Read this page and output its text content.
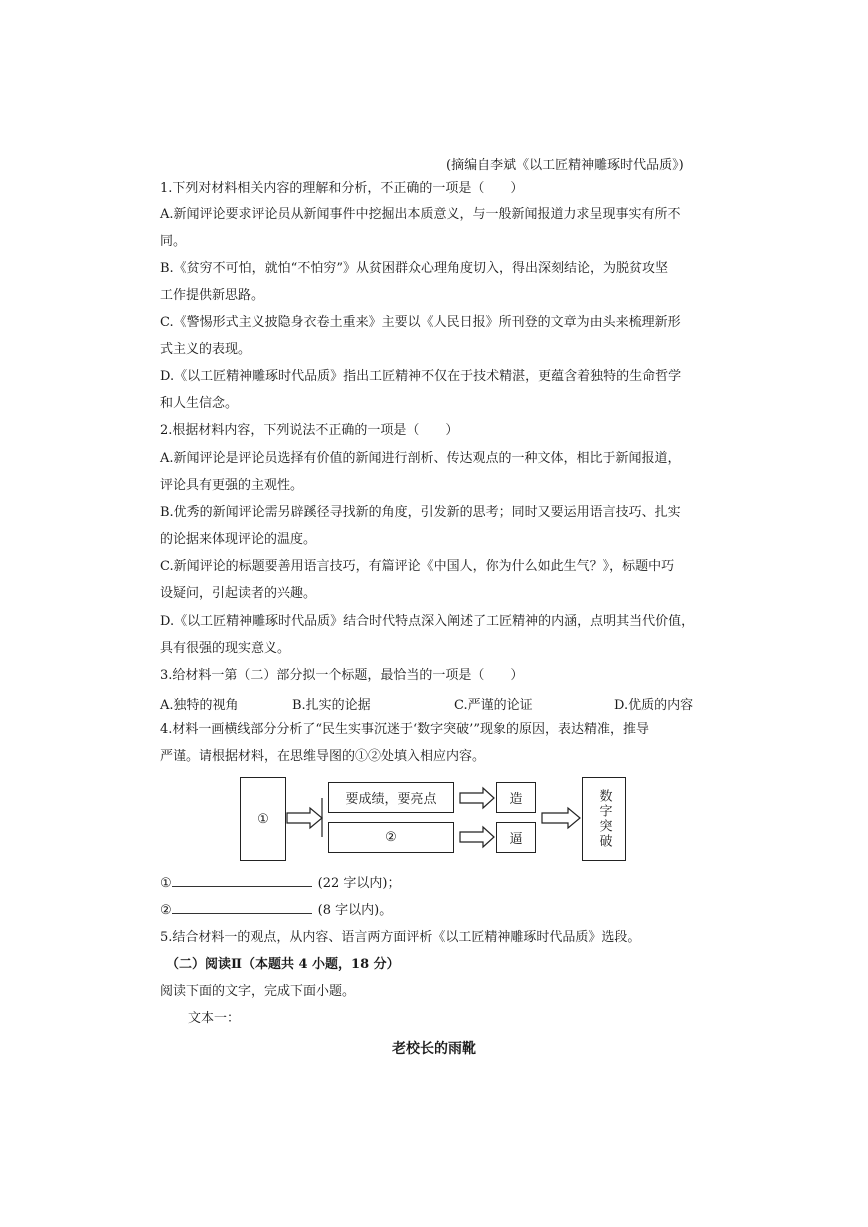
(摘编自李斌《以工匠精神雕琢时代品质》)
1.下列对材料相关内容的理解和分析，不正确的一项是（　　）
A.新闻评论要求评论员从新闻事件中挖掘出本质意义，与一般新闻报道力求呈现事实有所不
同。
B.《贫穷不可怕，就怕“不怕穷”》从贫困群众心理角度切入，得出深刻结论，为脱贫攻坚
工作提供新思路。
C.《警惕形式主义披隐身衣卷土重来》主要以《人民日报》所刊登的文章为由头来梳理新形
式主义的表现。
D.《以工匠精神雕琢时代品质》指出工匠精神不仅在于技术精湛，更蕴含着独特的生命哲学
和人生信念。
2.根据材料内容，下列说法不正确的一项是（　　）
A.新闻评论是评论员选择有价值的新闻进行剖析、传达观点的一种文体，相比于新闻报道，
评论具有更强的主观性。
B.优秀的新闻评论需另辟蹊径寻找新的角度，引发新的思考；同时又要运用语言技巧、扎实
的论据来体现评论的温度。
C.新闻评论的标题要善用语言技巧，有篇评论《中国人，你为什么如此生气？》，标题中巧
设疑问，引起读者的兴趣。
D.《以工匠精神雕琢时代品质》结合时代特点深入阐述了工匠精神的内涵，点明其当代价值，
具有很强的现实意义。
3.给材料一第（二）部分拟一个标题，最恰当的一项是（　　）
A.独特的视角	B.扎实的论据	C.严谨的论证	D.优质的内容
4.材料一画横线部分分析了“民生实事沉迷于‘数字突破’”现象的原因，表达精准，推导
严谨。请根据材料，在思维导图的①②处填入相应内容。
①
要成绩，要亮点
②
造
逼	数字突破
①	(22 字以内)；
②	(8 字以内)。
5.结合材料一的观点，从内容、语言两方面评析《以工匠精神雕琢时代品质》选段。
（二）阅读Ⅱ（本题共 4 小题，18 分）
阅读下面的文字，完成下面小题。
文本一：
老校长的雨靴
